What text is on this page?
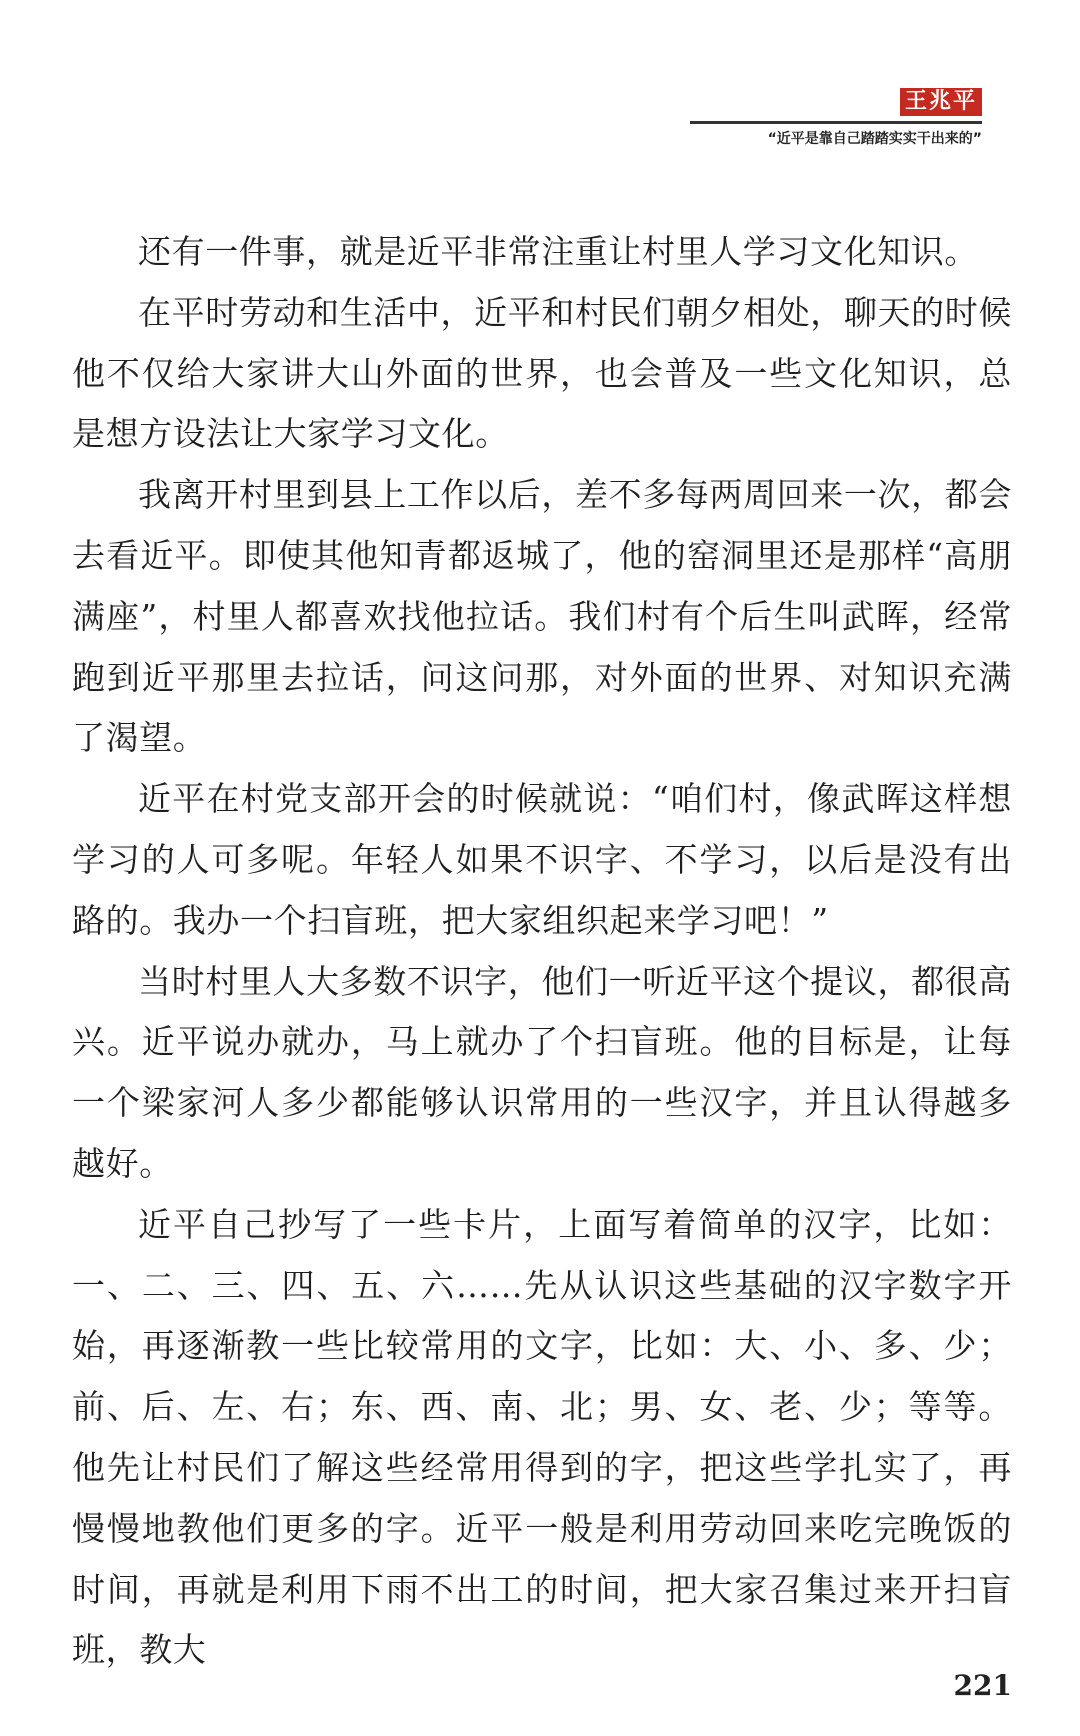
王兆平
“近平是靠自己踏踏实实干出来的”

还有一件事，就是近平非常注重让村里人学习文化知识。

在平时劳动和生活中，近平和村民们朝夕相处，聊天的时候他不仅给大家讲大山外面的世界，也会普及一些文化知识，总是想方设法让大家学习文化。

我离开村里到县上工作以后，差不多每两周回来一次，都会去看近平。即使其他知青都返城了，他的窑洞里还是那样“高朋满座”，村里人都喜欢找他拉话。我们村有个后生叫武晖，经常跑到近平那里去拉话，问这问那，对外面的世界、对知识充满了渴望。

近平在村党支部开会的时候就说：“咱们村，像武晖这样想学习的人可多呢。年轻人如果不识字、不学习，以后是没有出路的。我办一个扫盲班，把大家组织起来学习吧！”

当时村里人大多数不识字，他们一听近平这个提议，都很高兴。近平说办就办，马上就办了个扫盲班。他的目标是，让每一个梁家河人多少都能够认识常用的一些汉字，并且认得越多越好。

近平自己抄写了一些卡片，上面写着简单的汉字，比如：一、二、三、四、五、六……先从认识这些基础的汉字数字开始，再逐渐教一些比较常用的文字，比如：大、小、多、少；前、后、左、右；东、西、南、北；男、女、老、少；等等。他先让村民们了解这些经常用得到的字，把这些学扎实了，再慢慢地教他们更多的字。近平一般是利用劳动回来吃完晚饭的时间，再就是利用下雨不出工的时间，把大家召集过来开扫盲班，教大

221
